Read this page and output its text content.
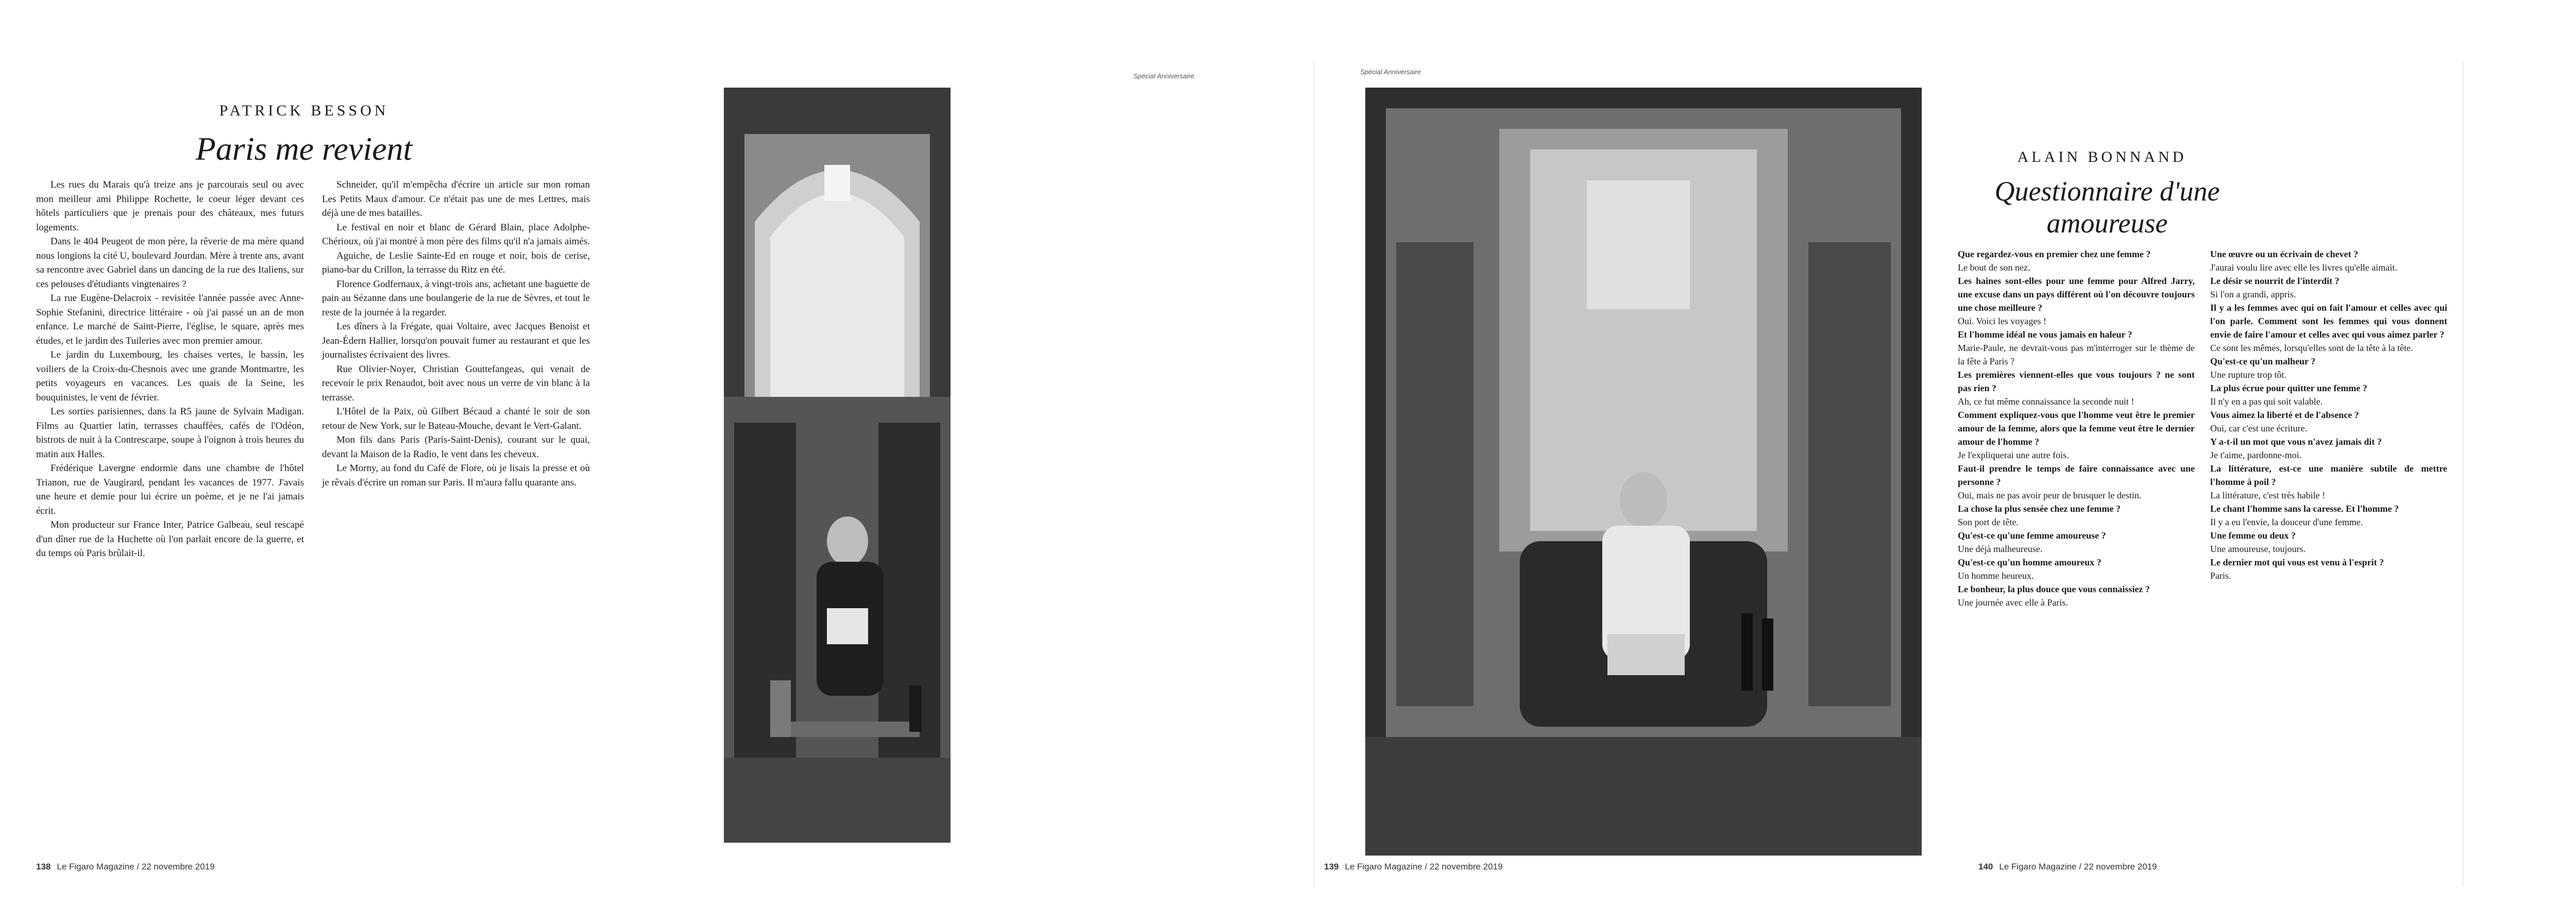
PATRICK BESSON
Paris me revient

Les rues du Marais qu'à treize ans je parcourais seul ou avec mon meilleur ami Philippe Rochette, le coeur léger devant ces hôtels particuliers que je prenais pour des châteaux, mes futurs logements.

Dans le 404 Peugeot de mon père, la rêverie de ma mère quand nous longions la cité U, boulevard Jourdan. Mère à trente ans, avant sa rencontre avec Gabriel dans un dancing de la rue des Italiens, sur ces pelouses d'étudiants vingtenaires ?

La rue Eugène-Delacroix - revisitée l'année passée avec Anne-Sophie Stefanini, directrice littéraire - où j'ai passé un an de mon enfance. Le marché de Saint-Pierre, l'église, le square, après mes études, et le jardin des Tuileries avec mon premier amour.

Le jardin du Luxembourg, les chaises vertes, le bassin, les voiliers de la Croix-du-Chesnois avec une grande Montmartre, les petits voyageurs en vacances. Les quais de la Seine, les bouquinistes, le vent de février.

Les sorties parisiennes, dans la R5 jaune de Sylvain Madigan. Films au Quartier latin, terrasses chauffées, cafés de l'Odéon, bistrots de nuit à la Contrescarpe, soupe à l'oignon à trois heures du matin aux Halles.

Frédérique Lavergne endormie dans une chambre de l'hôtel Trianon, rue de Vaugirard, pendant les vacances de 1977. J'avais une heure et demie pour lui écrire un poème, et je ne l'ai jamais écrit.

Mon producteur sur France Inter, Patrice Galbeau, seul rescapé d'un dîner rue de la Huchette où l'on parlait encore de la guerre, et du temps où Paris brûlait-il.

Schneider, qu'il m'empêcha d'écrire un article sur mon roman Les Petits Maux d'amour. Ce n'était pas une de mes Lettres, mais déjà une de mes batailles.

Le festival en noir et blanc de Gérard Blain, place Adolphe-Chérioux, où j'ai montré à mon père des films qu'il n'a jamais aimés.

Aguiche, de Leslie Sainte-Ed en rouge et noir, bois de cerise, piano-bar du Crillon, la terrasse du Ritz en été.

Florence Godfernaux, à vingt-trois ans, achetant une baguette de pain au Sézanne dans une boulangerie de la rue de Sèvres, et tout le reste de la journée à la regarder.

Les dîners à la Frégate, quai Voltaire, avec Jacques Benoist et Jean-Édern Hallier, lorsqu'on pouvait fumer au restaurant et que les journalistes écrivaient des livres.

Rue Olivier-Noyer, Christian Gouttefangeas, qui venait de recevoir le prix Renaudot, boit avec nous un verre de vin blanc à la terrasse.

L'Hôtel de la Paix, où Gilbert Bécaud a chanté le soir de son retour de New York, sur le Bateau-Mouche, devant le Vert-Galant.

Mon fils dans Paris (Paris-Saint-Denis), courant sur le quai, devant la Maison de la Radio, le vent dans les cheveux.

Le Morny, au fond du Café de Flore, où je lisais la presse et où je rêvais d'écrire un roman sur Paris. Il m'aura fallu quarante ans.

138 Le Figaro Magazine / 22 novembre 2019
Spécial Anniversaire
139 Le Figaro Magazine / 22 novembre 2019
Spécial Anniversaire
ALAIN BONNAND
Questionnaire d'une amoureuse

Que regardez-vous en premier chez une femme ?

Le bout de son nez.

Les haines sont-elles pour une femme pour Alfred Jarry, une excuse dans un pays différent où l'on découvre toujours une chose meilleure ?

Oui. Voici les voyages !

Et l'homme idéal ne vous jamais en haleur ?

Marie-Paule, ne devrait-vous pas m'interroger sur le thème de la fête à Paris ?

Les premières viennent-elles que vous toujours ? ne sont pas rien ?

Ah, ce fut même connaissance la seconde nuit !

Comment expliquez-vous que l'homme veut être le premier amour de la femme, alors que la femme veut être le dernier amour de l'homme ?

Je l'expliquerai une autre fois.

Faut-il prendre le temps de faire connaissance avec une personne ?

Oui, mais ne pas avoir peur de brusquer le destin.

La chose la plus sensée chez une femme ?

Son port de tête.

Qu'est-ce qu'une femme amoureuse ?

Une déjà malheureuse.

Qu'est-ce qu'un homme amoureux ?

Un homme heureux.

Le bonheur, la plus douce que vous connaissiez ?

Une journée avec elle à Paris.

Une œuvre ou un écrivain de chevet ?

J'aurai voulu lire avec elle les livres qu'elle aimait.

Le désir se nourrit de l'interdit ?

Si l'on a grandi, appris.

Il y a les femmes avec qui on fait l'amour et celles avec qui l'on parle. Comment sont les femmes qui vous donnent envie de faire l'amour et celles avec qui vous aimez parler ?

Ce sont les mêmes, lorsqu'elles sont de la tête à la tête.

Qu'est-ce qu'un malheur ?

Une rupture trop tôt.

La plus écrue pour quitter une femme ?

Il n'y en a pas qui soit valable.

Vous aimez la liberté et de l'absence ?

Oui, car c'est une écriture.

Y a-t-il un mot que vous n'avez jamais dit ?

Je t'aime, pardonne-moi.

La littérature, est-ce une manière subtile de mettre l'homme à poil ?

La littérature, c'est très habile !

Le chant l'homme sans la caresse. Et l'homme ?

Il y a eu l'envie, la douceur d'une femme.

Une femme ou deux ?

Une amoureuse, toujours.

Le dernier mot qui vous est venu à l'esprit ?

Paris.

140 Le Figaro Magazine / 22 novembre 2019
